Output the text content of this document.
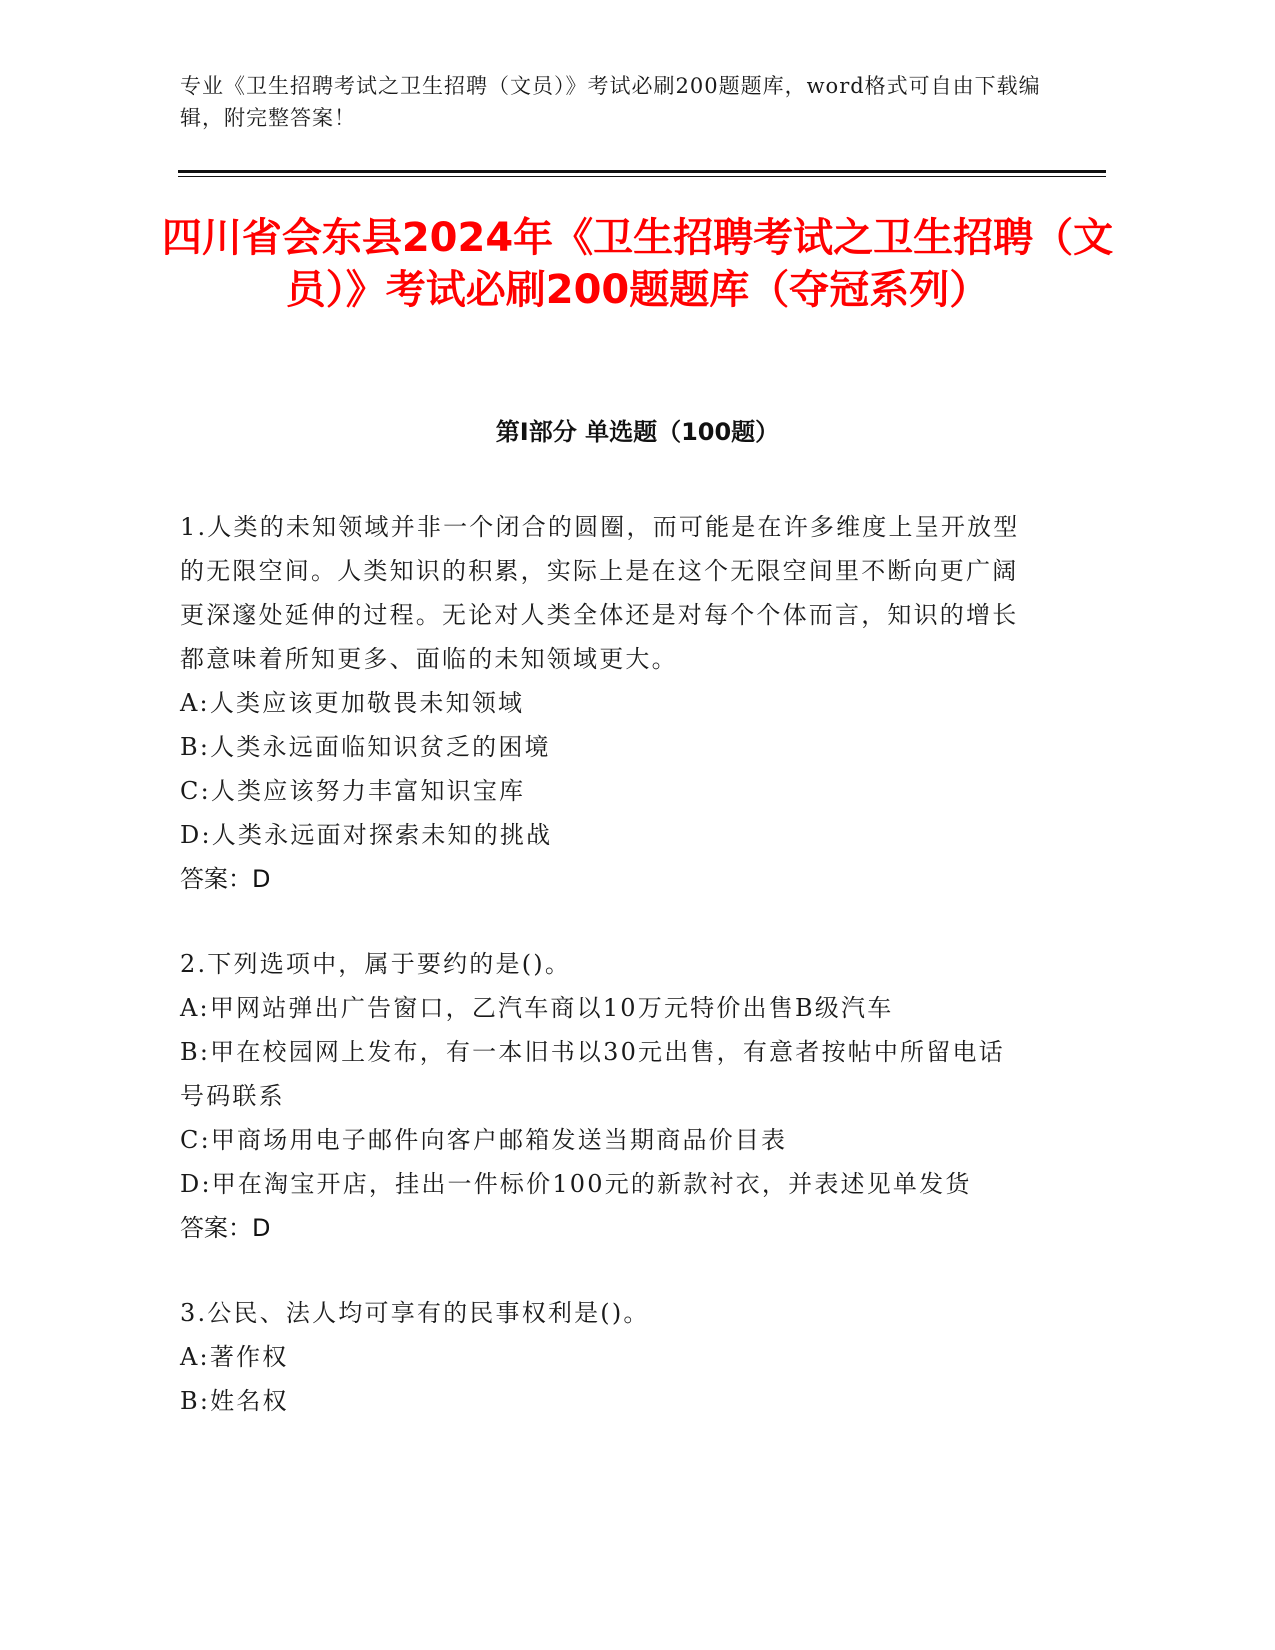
专业《卫生招聘考试之卫生招聘（文员）》考试必刷200题题库，word格式可自由下载编辑，附完整答案！
四川省会东县2024年《卫生招聘考试之卫生招聘（文员）》考试必刷200题题库（夺冠系列）
第I部分 单选题（100题）
1.人类的未知领域并非一个闭合的圆圈，而可能是在许多维度上呈开放型的无限空间。人类知识的积累，实际上是在这个无限空间里不断向更广阔更深邃处延伸的过程。无论对人类全体还是对每个个体而言，知识的增长都意味着所知更多、面临的未知领域更大。
A:人类应该更加敬畏未知领域
B:人类永远面临知识贫乏的困境
C:人类应该努力丰富知识宝库
D:人类永远面对探索未知的挑战
答案：D
2.下列选项中，属于要约的是()。
A:甲网站弹出广告窗口，乙汽车商以10万元特价出售B级汽车
B:甲在校园网上发布，有一本旧书以30元出售，有意者按帖中所留电话号码联系
C:甲商场用电子邮件向客户邮箱发送当期商品价目表
D:甲在淘宝开店，挂出一件标价100元的新款衬衣，并表述见单发货
答案：D
3.公民、法人均可享有的民事权利是()。
A:著作权
B:姓名权
